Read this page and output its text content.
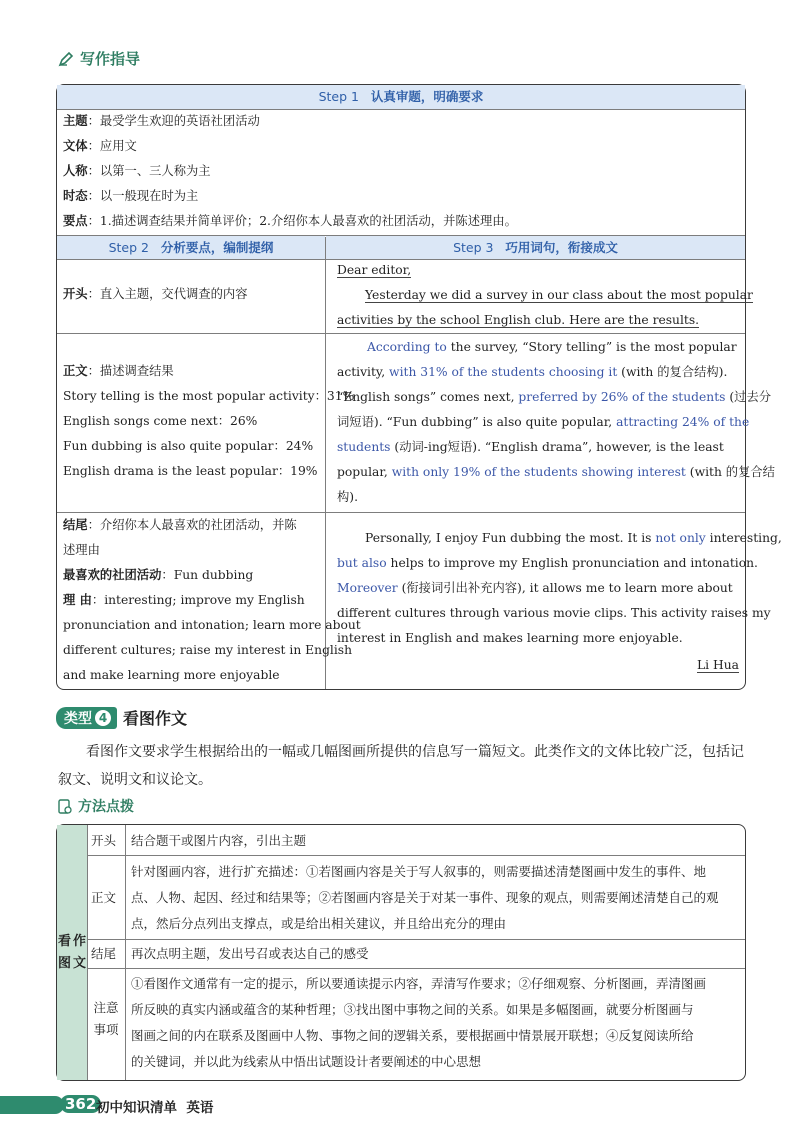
写作指导
Step 1 认真审题，明确要求
主题：最受学生欢迎的英语社团活动
文体：应用文
人称：以第一、三人称为主
时态：以一般现在时为主
要点：1.描述调查结果并简单评价；2.介绍你本人最喜欢的社团活动，并陈述理由。
Step 2 分析要点，编制提纲	Step 3 巧用词句，衔接成文
开头：直入主题，交代调查的内容
Dear editor,
Yesterday we did a survey in our class about the most popular
activities by the school English club. Here are the results.
正文：描述调查结果
Story telling is the most popular activity：31%
English songs come next：26%
Fun dubbing is also quite popular：24%
English drama is the least popular：19%
According to the survey, “Story telling” is the most popular
activity, with 31% of the students choosing it (with 的复合结构).
“English songs” comes next, preferred by 26% of the students (过去分
词短语). “Fun dubbing” is also quite popular, attracting 24% of the
students (动词-ing短语). “English drama”, however, is the least
popular, with only 19% of the students showing interest (with 的复合结
构).
结尾：介绍你本人最喜欢的社团活动，并陈
述理由
最喜欢的社团活动：Fun dubbing
理 由：interesting; improve my English
pronunciation and intonation; learn more about
different cultures; raise my interest in English
and make learning more enjoyable
Personally, I enjoy Fun dubbing the most. It is not only interesting,
but also helps to improve my English pronunciation and intonation.
Moreover (衔接词引出补充内容), it allows me to learn more about
different cultures through various movie clips. This activity raises my
interest in English and makes learning more enjoyable.
Li Hua
类型 4 看图作文
看图作文要求学生根据给出的一幅或几幅图画所提供的信息写一篇短文。此类作文的文体比较广泛，包括记叙文、说明文和议论文。
方法点拨
看图

作文
开头 结合题干或图片内容，引出主题
正文
针对图画内容，进行扩充描述：①若图画内容是关于写人叙事的，则需要描述清楚图画中发生的事件、地
点、人物、起因、经过和结果等；②若图画内容是关于对某一事件、现象的观点，则需要阐述清楚自己的观
点，然后分点列出支撑点，或是给出相关建议，并且给出充分的理由
结尾 再次点明主题，发出号召或表达自己的感受
注意
事项
①看图作文通常有一定的提示，所以要通读提示内容，弄清写作要求；②仔细观察、分析图画，弄清图画
所反映的真实内涵或蕴含的某种哲理；③找出图中事物之间的关系。如果是多幅图画，就要分析图画与
图画之间的内在联系及图画中人物、事物之间的逻辑关系，要根据画中情景展开联想；④反复阅读所给
的关键词，并以此为线索从中悟出试题设计者要阐述的中心思想
362 初中知识清单 英语
